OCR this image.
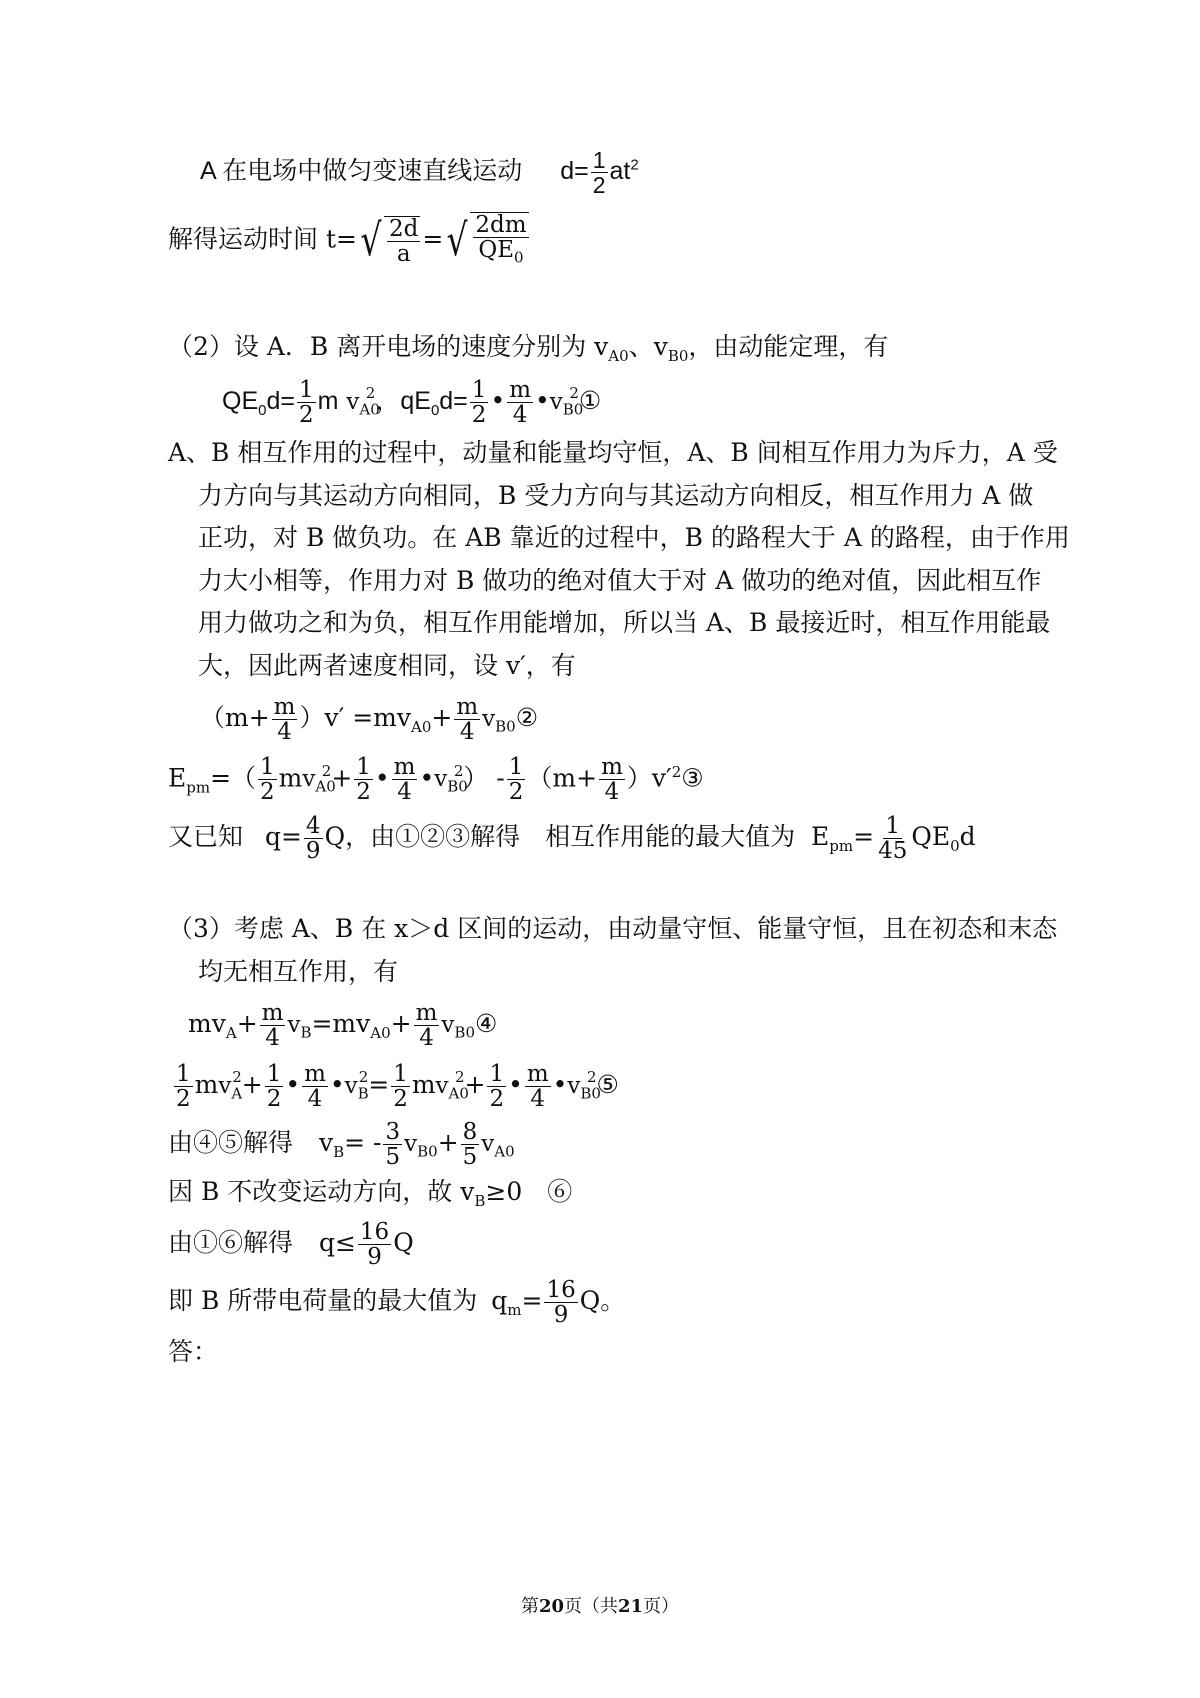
A 在电场中做匀变速直线运动 $d= \frac{1}{2} at^2$
解得运动时间 t= √ $\frac{2d}{a}$ = √ $\frac{2dm}{QE_0}$
（2）设 A．B 离开电场的速度分别为 $v_{A0}$、$v_{B0}$，由动能定理，有
$QE_0d= \frac{1}{2}$ m $v_{A0}^2$，$qE_0d= \frac{1}{2}$ • $\frac{m}{4}$ $•v_{B0}^2①$
A、B 相互作用的过程中，动量和能量均守恒，A、B 间相互作用力为斥力，A 受
力方向与其运动方向相同，B 受力方向与其运动方向相反，相互作用力 A 做
正功，对 B 做负功。在 AB 靠近的过程中，B 的路程大于 A 的路程，由于作用
力大小相等，作用力对 B 做功的绝对值大于对 A 做功的绝对值，因此相互作
用力做功之和为负，相互作用能增加，所以当 A、B 最接近时，相互作用能最
大，因此两者速度相同，设 v′，有
$(m+ \frac{m}{4} )v' =mv_{A0}+ \frac{m}{4}$ $v_{B0}②$
$E_{pm}=( \frac{1}{2} mv_{A0}^2+ \frac{1}{2}$ • $\frac{m}{4}$ $•v_{B0}^2) - \frac{1}{2} (m+ \frac{m}{4}$ ）$v'^2③$
又已知 $q= \frac{4}{9}$ Q，由①②③解得　相互作用能的最大值为 $E_{pm}= \frac{1}{45} QE_0d$
（3）考虑 A、B 在 x＞d 区间的运动，由动量守恒、能量守恒，且在初态和末态
均无相互作用，有
$mv_A+ \frac{m}{4} v_B=mv_{A0}+ \frac{m}{4}$ $v_{B0}④$
$\frac{1}{2} mv_A^2+ \frac{1}{2}$ • $\frac{m}{4}$ $•v_B^2= \frac{1}{2} mv_{A0}^2+ \frac{1}{2}$ • $\frac{m}{4}$ $•v_{B0}^2⑤$
由④⑤解得 $v_B= - \frac{3}{5} v_{B0}+ \frac{8}{5} v_{A0}$
因 B 不改变运动方向，故 $v_B\ge 0$　⑥
由①⑥解得 $q\le \frac{16}{9}$ Q
即 B 所带电荷量的最大值为 $q_m= \frac{16}{9}$ Q。
答：
第20页（共21页）
